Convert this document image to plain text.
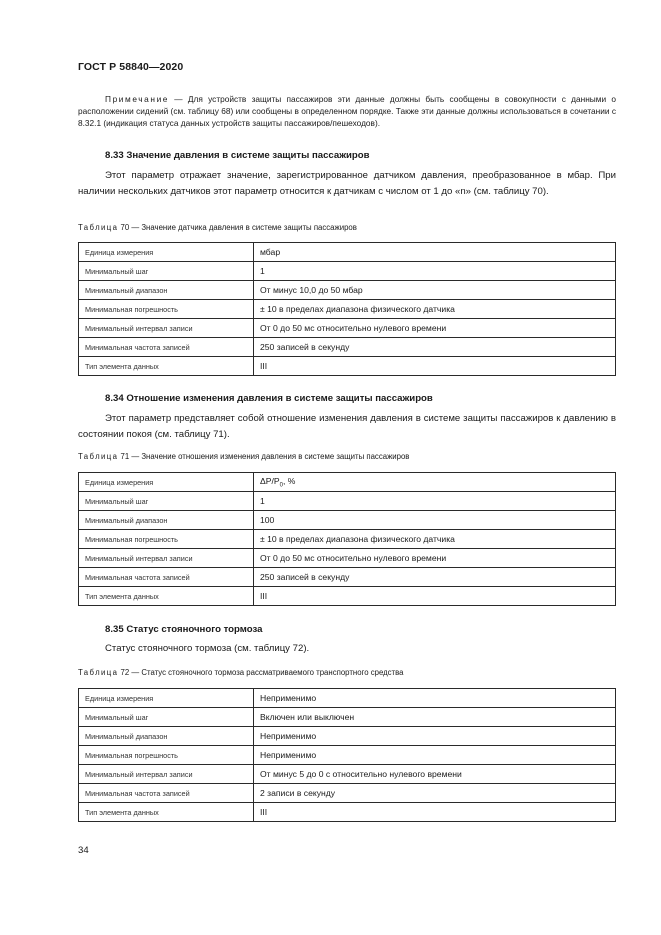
ГОСТ Р 58840—2020
Примечание — Для устройств защиты пассажиров эти данные должны быть сообщены в совокупности с данными о расположении сидений (см. таблицу 68) или сообщены в определенном порядке. Также эти данные должны использоваться в сочетании с 8.32.1 (индикация статуса данных устройств защиты пассажиров/пешеходов).
8.33 Значение давления в системе защиты пассажиров
Этот параметр отражает значение, зарегистрированное датчиком давления, преобразованное в мбар. При наличии нескольких датчиков этот параметр относится к датчикам с числом от 1 до «n» (см. таблицу 70).
Таблица 70 — Значение датчика давления в системе защиты пассажиров
Единица измерения	мбар
Минимальный шаг	1
Минимальный диапазон	От минус 10,0 до 50 мбар
Минимальная погрешность	± 10 в пределах диапазона физического датчика
Минимальный интервал записи	От 0 до 50 мс относительно нулевого времени
Минимальная частота записей	250 записей в секунду
Тип элемента данных	III
8.34 Отношение изменения давления в системе защиты пассажиров
Этот параметр представляет собой отношение изменения давления в системе защиты пассажиров к давлению в состоянии покоя (см. таблицу 71).
Таблица 71 — Значение отношения изменения давления в системе защиты пассажиров
Единица измерения	$\Delta P/P_0$, %
Минимальный шаг	1
Минимальный диапазон	100
Минимальная погрешность	± 10 в пределах диапазона физического датчика
Минимальный интервал записи	От 0 до 50 мс относительно нулевого времени
Минимальная частота записей	250 записей в секунду
Тип элемента данных	III
8.35 Статус стояночного тормоза
Статус стояночного тормоза (см. таблицу 72).
Таблица 72 — Статус стояночного тормоза рассматриваемого транспортного средства
Единица измерения	Неприменимо
Минимальный шаг	Включен или выключен
Минимальный диапазон	Неприменимо
Минимальная погрешность	Неприменимо
Минимальный интервал записи	От минус 5 до 0 с относительно нулевого времени
Минимальная частота записей	2 записи в секунду
Тип элемента данных	III
34
